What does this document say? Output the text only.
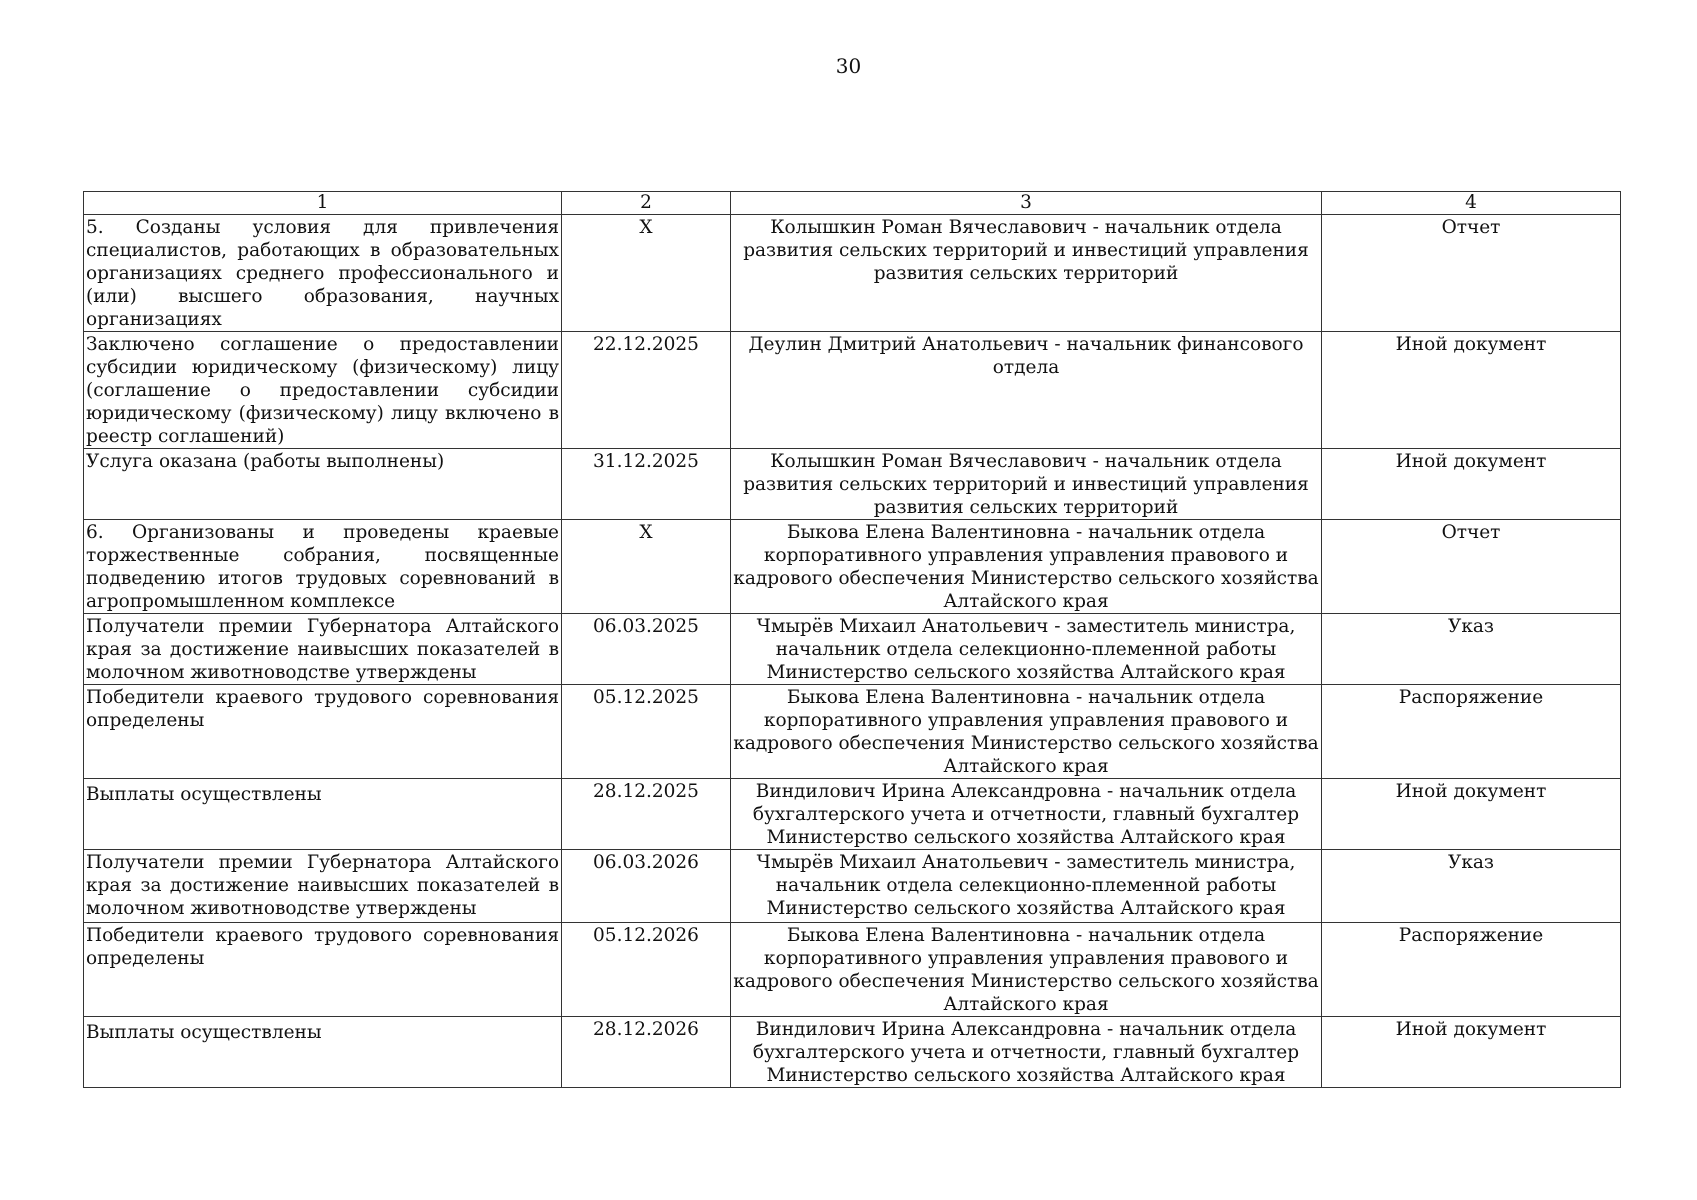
30
1	2	3	4
5. Созданы условия для привлечения специалистов, работающих в образовательных организациях среднего профессионального и (или) высшего образования, научных организациях	X	Колышкин Роман Вячеславович - начальник отдела развития сельских территорий и инвестиций управления развития сельских территорий	Отчет
Заключено соглашение о предоставлении субсидии юридическому (физическому) лицу (соглашение о предоставлении субсидии юридическому (физическому) лицу включено в реестр соглашений)	22.12.2025	Деулин Дмитрий Анатольевич - начальник финансового отдела	Иной документ
Услуга оказана (работы выполнены)	31.12.2025	Колышкин Роман Вячеславович - начальник отдела развития сельских территорий и инвестиций управления развития сельских территорий	Иной документ
6. Организованы и проведены краевые торжественные собрания, посвященные подведению итогов трудовых соревнований в агропромышленном комплексе	X	Быкова Елена Валентиновна - начальник отдела корпоративного управления управления правового и кадрового обеспечения Министерство сельского хозяйства Алтайского края	Отчет
Получатели премии Губернатора Алтайского края за достижение наивысших показателей в молочном животноводстве утверждены	06.03.2025	Чмырёв Михаил Анатольевич - заместитель министра, начальник отдела селекционно-племенной работы Министерство сельского хозяйства Алтайского края	Указ
Победители краевого трудового соревнования определены	05.12.2025	Быкова Елена Валентиновна - начальник отдела корпоративного управления управления правового и кадрового обеспечения Министерство сельского хозяйства Алтайского края	Распоряжение
Выплаты осуществлены	28.12.2025	Виндилович Ирина Александровна - начальник отдела бухгалтерского учета и отчетности, главный бухгалтер Министерство сельского хозяйства Алтайского края	Иной документ
Получатели премии Губернатора Алтайского края за достижение наивысших показателей в молочном животноводстве утверждены	06.03.2026	Чмырёв Михаил Анатольевич - заместитель министра, начальник отдела селекционно-племенной работы Министерство сельского хозяйства Алтайского края	Указ
Победители краевого трудового соревнования определены	05.12.2026	Быкова Елена Валентиновна - начальник отдела корпоративного управления управления правового и кадрового обеспечения Министерство сельского хозяйства Алтайского края	Распоряжение
Выплаты осуществлены	28.12.2026	Виндилович Ирина Александровна - начальник отдела бухгалтерского учета и отчетности, главный бухгалтер Министерство сельского хозяйства Алтайского края	Иной документ
